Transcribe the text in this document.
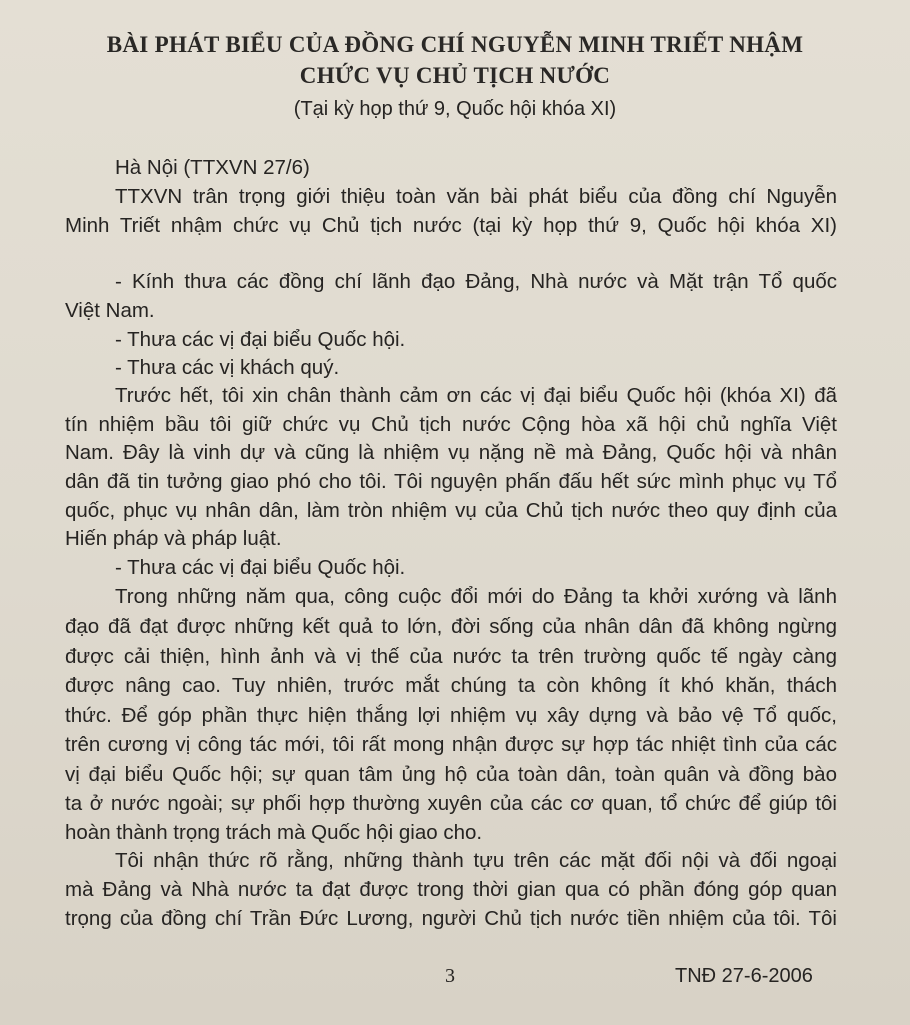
BÀI PHÁT BIỂU CỦA ĐỒNG CHÍ NGUYỄN MINH TRIẾT NHẬM

CHỨC VỤ CHỦ TỊCH NƯỚC

(Tại kỳ họp thứ 9, Quốc hội khóa XI)

Hà Nội (TTXVN 27/6)

TTXVN trân trọng giới thiệu toàn văn bài phát biểu của đồng chí Nguyễn

Minh Triết nhậm chức vụ Chủ tịch nước (tại kỳ họp thứ 9, Quốc hội khóa XI)

- Kính thưa các đồng chí lãnh đạo Đảng, Nhà nước và Mặt trận Tổ quốc

Việt Nam.

- Thưa các vị đại biểu Quốc hội.

- Thưa các vị khách quý.

Trước hết, tôi xin chân thành cảm ơn các vị đại biểu Quốc hội (khóa XI) đã

tín nhiệm bầu tôi giữ chức vụ Chủ tịch nước Cộng hòa xã hội chủ nghĩa Việt

Nam. Đây là vinh dự và cũng là nhiệm vụ nặng nề mà Đảng, Quốc hội và nhân

dân đã tin tưởng giao phó cho tôi. Tôi nguyện phấn đấu hết sức mình phục vụ Tổ

quốc, phục vụ nhân dân, làm tròn nhiệm vụ của Chủ tịch nước theo quy định của

Hiến pháp và pháp luật.

- Thưa các vị đại biểu Quốc hội.

Trong những năm qua, công cuộc đổi mới do Đảng ta khởi xướng và lãnh

đạo đã đạt được những kết quả to lớn, đời sống của nhân dân đã không ngừng

được cải thiện, hình ảnh và vị thế của nước ta trên trường quốc tế ngày càng

được nâng cao. Tuy nhiên, trước mắt chúng ta còn không ít khó khăn, thách

thức. Để góp phần thực hiện thắng lợi nhiệm vụ xây dựng và bảo vệ Tổ quốc,

trên cương vị công tác mới, tôi rất mong nhận được sự hợp tác nhiệt tình của các

vị đại biểu Quốc hội; sự quan tâm ủng hộ của toàn dân, toàn quân và đồng bào

ta ở nước ngoài; sự phối hợp thường xuyên của các cơ quan, tổ chức để giúp tôi

hoàn thành trọng trách mà Quốc hội giao cho.

Tôi nhận thức rõ rằng, những thành tựu trên các mặt đối nội và đối ngoại

mà Đảng và Nhà nước ta đạt được trong thời gian qua có phần đóng góp quan

trọng của đồng chí Trần Đức Lương, người Chủ tịch nước tiền nhiệm của tôi. Tôi

3	TNĐ 27-6-2006
